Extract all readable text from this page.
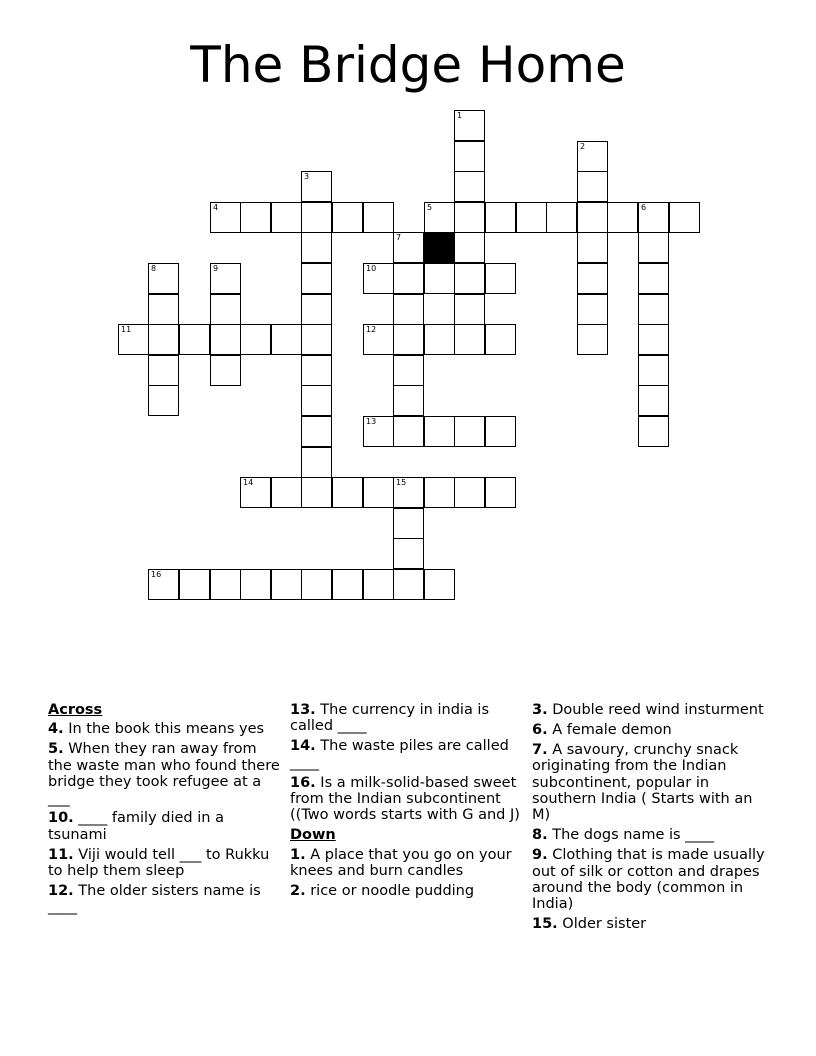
The Bridge Home
1
2
3
4	5	6
7
8	9	10
11	12
13
14	15
16
Across
4. In the book this means yes
5. When they ran away from the waste man who found there bridge they took refugee at a ___
10. ____ family died in a tsunami
11. Viji would tell ___ to Rukku to help them sleep
12. The older sisters name is ____
13. The currency in india is called ____
14. The waste piles are called ____
16. Is a milk-solid-based sweet from the Indian subcontinent ((Two words starts with G and J)
Down
1. A place that you go on your knees and burn candles
2. rice or noodle pudding
3. Double reed wind insturment
6. A female demon
7. A savoury, crunchy snack originating from the Indian subcontinent, popular in southern India ( Starts with an M)
8. The dogs name is ____
9. Clothing that is made usually out of silk or cotton and drapes around the body (common in India)
15. Older sister
